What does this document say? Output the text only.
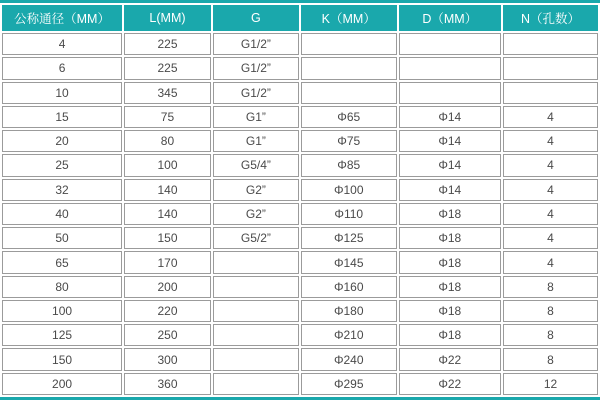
公称通径（MM）	L(MM)	G	K（MM）	D（MM）	N（孔数）
4	225	G1/2”			
6	225	G1/2”			
10	345	G1/2”			
15	75	G1”	Φ65	Φ14	4
20	80	G1”	Φ75	Φ14	4
25	100	G5/4”	Φ85	Φ14	4
32	140	G2”	Φ100	Φ14	4
40	140	G2”	Φ110	Φ18	4
50	150	G5/2”	Φ125	Φ18	4
65	170		Φ145	Φ18	4
80	200		Φ160	Φ18	8
100	220		Φ180	Φ18	8
125	250		Φ210	Φ18	8
150	300		Φ240	Φ22	8
200	360		Φ295	Φ22	12
